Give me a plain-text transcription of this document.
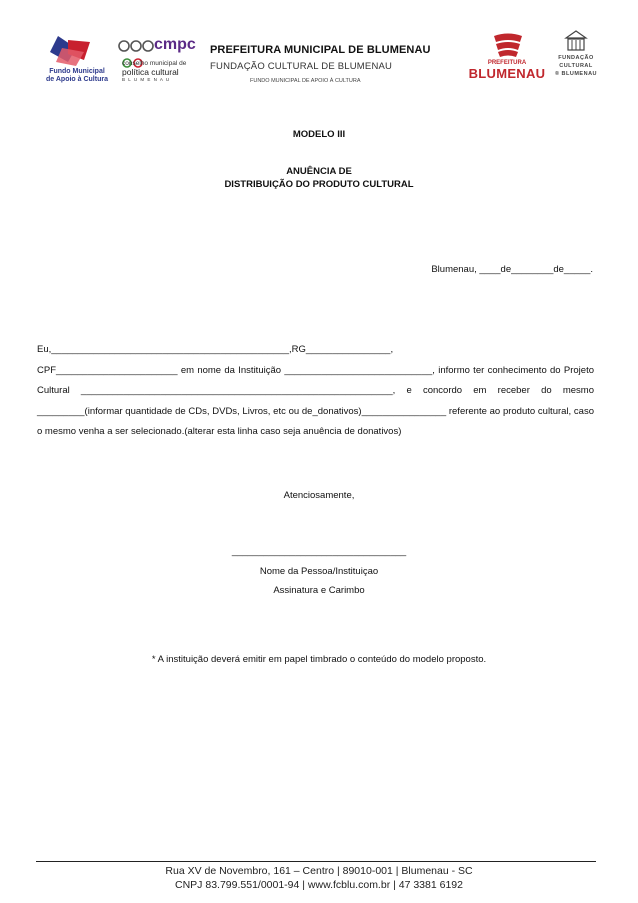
Fundo Municipal
de Apoio à Cultura
cmpc
conselho municipal de
política cultural
B L U M E N A U
PREFEITURA MUNICIPAL DE BLUMENAU
FUNDAÇÃO CULTURAL DE BLUMENAU
FUNDO MUNICIPAL DE APOIO À CULTURA
PREFEITURA
BLUMENAU
FUNDAÇÃO
CULTURAL
® BLUMENAU
MODELO III
ANUÊNCIA DE
DISTRIBUIÇÃO DO PRODUTO CULTURAL
Blumenau, ____de________de_____.

Eu,_____________________________________________,RG________________,

CPF_______________________ em nome da Instituição ____________________________, informo ter conhecimento do Projeto Cultural ___________________________________________________________, e concordo em receber do mesmo _________(informar quantidade de CDs, DVDs, Livros, etc ou de_donativos)________________ referente ao produto cultural, caso o mesmo venha a ser selecionado.(alterar esta linha caso seja anuência de donativos)

Atenciosamente,
_________________________________
Nome da Pessoa/Instituiçao
Assinatura e Carimbo
* A instituição deverá emitir em papel timbrado o conteúdo do modelo proposto.
Rua XV de Novembro, 161 – Centro | 89010-001 | Blumenau - SC
CNPJ 83.799.551/0001-94 | www.fcblu.com.br | 47 3381 6192
